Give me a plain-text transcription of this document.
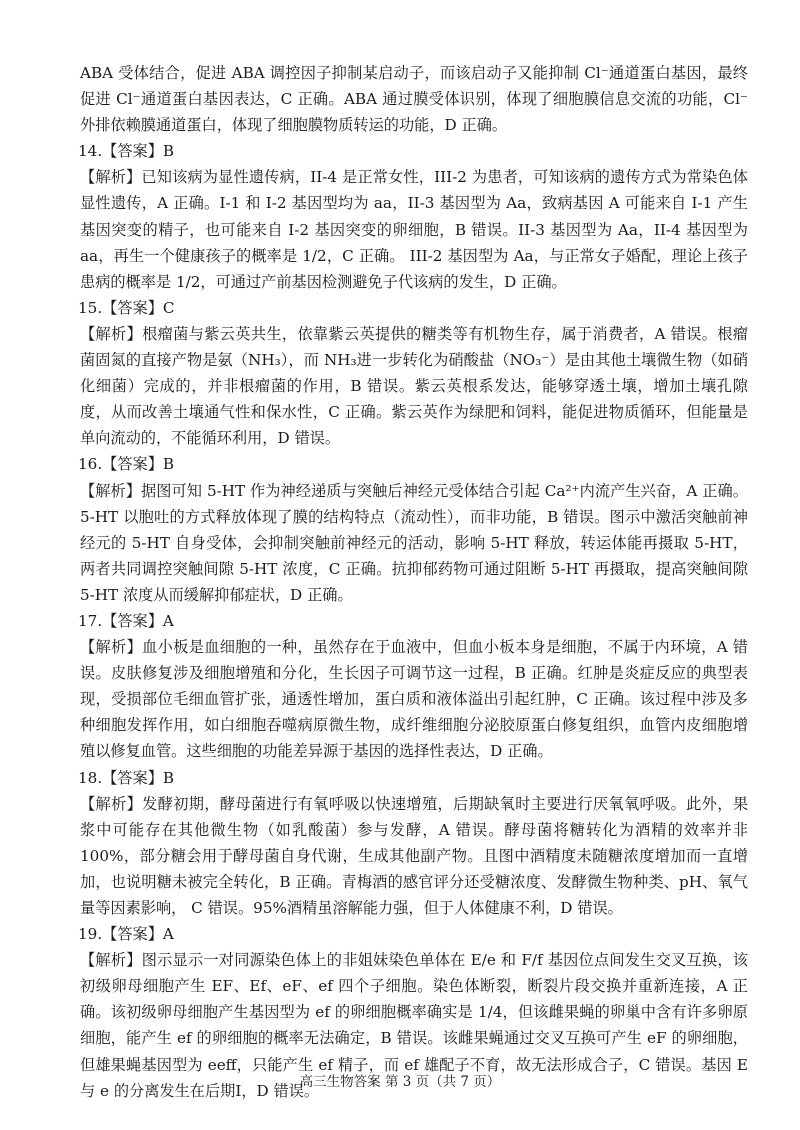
ABA 受体结合，促进 ABA 调控因子抑制某启动子，而该启动子又能抑制 Cl⁻通道蛋白基因，最终促进 Cl⁻通道蛋白基因表达，C 正确。ABA 通过膜受体识别，体现了细胞膜信息交流的功能，Cl⁻外排依赖膜通道蛋白，体现了细胞膜物质转运的功能，D 正确。

14.【答案】B

【解析】已知该病为显性遗传病，II-4 是正常女性，III-2 为患者，可知该病的遗传方式为常染色体显性遗传，A 正确。I-1 和 I-2 基因型均为 aa，II-3 基因型为 Aa，致病基因 A 可能来自 I-1 产生基因突变的精子，也可能来自 I-2 基因突变的卵细胞，B 错误。II-3 基因型为 Aa，II-4 基因型为 aa，再生一个健康孩子的概率是 1/2，C 正确。 III-2 基因型为 Aa，与正常女子婚配，理论上孩子患病的概率是 1/2，可通过产前基因检测避免子代该病的发生，D 正确。

15.【答案】C

【解析】根瘤菌与紫云英共生，依靠紫云英提供的糖类等有机物生存，属于消费者，A 错误。根瘤菌固氮的直接产物是氨（NH₃），而 NH₃进一步转化为硝酸盐（NO₃⁻）是由其他土壤微生物（如硝化细菌）完成的，并非根瘤菌的作用，B 错误。紫云英根系发达，能够穿透土壤，增加土壤孔隙度，从而改善土壤通气性和保水性，C 正确。紫云英作为绿肥和饲料，能促进物质循环，但能量是单向流动的，不能循环利用，D 错误。

16.【答案】B

【解析】据图可知 5-HT 作为神经递质与突触后神经元受体结合引起 Ca²⁺内流产生兴奋，A 正确。5-HT 以胞吐的方式释放体现了膜的结构特点（流动性），而非功能，B 错误。图示中激活突触前神经元的 5-HT 自身受体，会抑制突触前神经元的活动，影响 5-HT 释放，转运体能再摄取 5-HT，两者共同调控突触间隙 5-HT 浓度，C 正确。抗抑郁药物可通过阻断 5-HT 再摄取，提高突触间隙 5-HT 浓度从而缓解抑郁症状，D 正确。

17.【答案】A

【解析】血小板是血细胞的一种，虽然存在于血液中，但血小板本身是细胞，不属于内环境，A 错误。皮肤修复涉及细胞增殖和分化，生长因子可调节这一过程，B 正确。红肿是炎症反应的典型表现，受损部位毛细血管扩张，通透性增加，蛋白质和液体溢出引起红肿，C 正确。该过程中涉及多种细胞发挥作用，如白细胞吞噬病原微生物，成纤维细胞分泌胶原蛋白修复组织，血管内皮细胞增殖以修复血管。这些细胞的功能差异源于基因的选择性表达，D 正确。

18.【答案】B

【解析】发酵初期，酵母菌进行有氧呼吸以快速增殖，后期缺氧时主要进行厌氧氧呼吸。此外，果浆中可能存在其他微生物（如乳酸菌）参与发酵，A 错误。酵母菌将糖转化为酒精的效率并非 100%，部分糖会用于酵母菌自身代谢，生成其他副产物。且图中酒精度未随糖浓度增加而一直增加，也说明糖未被完全转化，B 正确。青梅酒的感官评分还受糖浓度、发酵微生物种类、pH、氧气量等因素影响， C 错误。95%酒精虽溶解能力强，但于人体健康不利，D 错误。

19.【答案】A

【解析】图示显示一对同源染色体上的非姐妹染色单体在 E/e 和 F/f 基因位点间发生交叉互换，该初级卵母细胞产生 EF、Ef、eF、ef 四个子细胞。染色体断裂，断裂片段交换并重新连接，A 正确。该初级卵母细胞产生基因型为 ef 的卵细胞概率确实是 1/4，但该雌果蝇的卵巢中含有许多卵原细胞，能产生 ef 的卵细胞的概率无法确定，B 错误。该雌果蝇通过交叉互换可产生 eF 的卵细胞，但雄果蝇基因型为 eeff，只能产生 ef 精子，而 ef 雄配子不育，故无法形成合子，C 错误。基因 E 与 e 的分离发生在后期I，D 错误。

高三生物答案 第 3 页（共 7 页）
